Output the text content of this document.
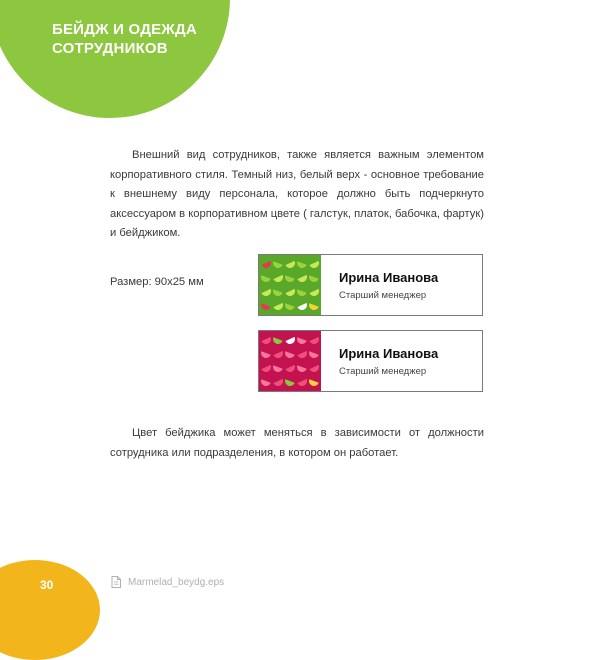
БЕЙДЖ И ОДЕЖДА
СОТРУДНИКОВ
Внешний вид сотрудников, также является важным элементом корпоративного стиля. Темный низ, белый верх - основное требование к внешнему виду персонала, которое должно быть подчеркнуто аксессуаром в корпоративном цвете ( галстук, платок, бабочка, фартук) и бейджиком.
Размер: 90х25 мм	Ирина Иванова
Старший менеджер
Ирина Иванова
Старший менеджер
Цвет бейджика может меняться в зависимости от должности сотрудника или подразделения, в котором он работает.
30	Marmelad_beydg.eps
